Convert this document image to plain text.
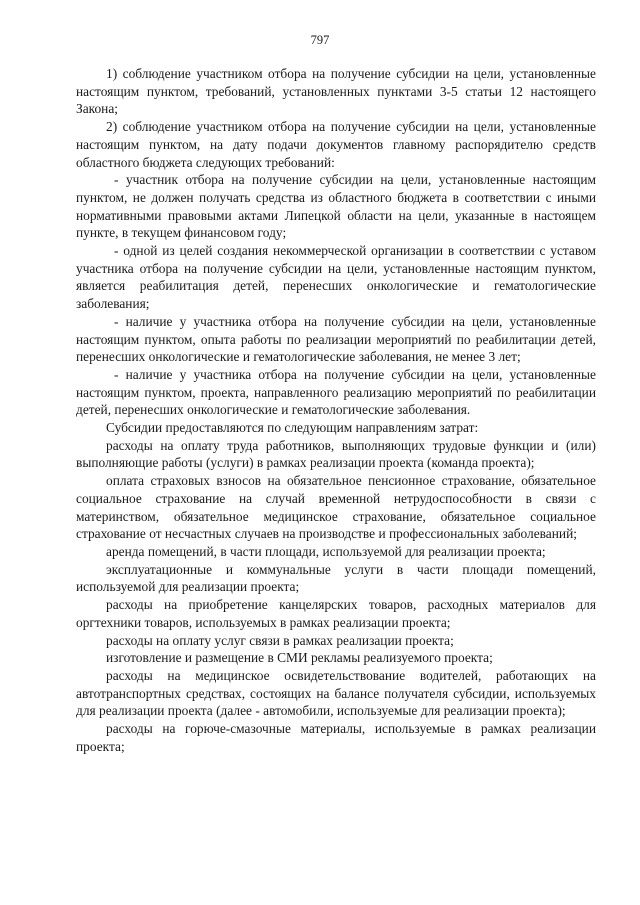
797

1) соблюдение участником отбора на получение субсидии на цели, установленные настоящим пунктом, требований, установленных пунктами 3-5 статьи 12 настоящего Закона;

2) соблюдение участником отбора на получение субсидии на цели, установленные настоящим пунктом, на дату подачи документов главному распорядителю средств областного бюджета следующих требований:

- участник отбора на получение субсидии на цели, установленные настоящим пунктом, не должен получать средства из областного бюджета в соответствии с иными нормативными правовыми актами Липецкой области на цели, указанные в настоящем пункте, в текущем финансовом году;

- одной из целей создания некоммерческой организации в соответствии с уставом участника отбора на получение субсидии на цели, установленные настоящим пунктом, является реабилитация детей, перенесших онкологические и гематологические заболевания;

- наличие у участника отбора на получение субсидии на цели, установленные настоящим пунктом, опыта работы по реализации мероприятий по реабилитации детей, перенесших онкологические и гематологические заболевания, не менее 3 лет;

- наличие у участника отбора на получение субсидии на цели, установленные настоящим пунктом, проекта, направленного реализацию мероприятий по реабилитации детей, перенесших онкологические и гематологические заболевания.

Субсидии предоставляются по следующим направлениям затрат:

расходы на оплату труда работников, выполняющих трудовые функции и (или) выполняющие работы (услуги) в рамках реализации проекта (команда проекта);

оплата страховых взносов на обязательное пенсионное страхование, обязательное социальное страхование на случай временной нетрудоспособности в связи с материнством, обязательное медицинское страхование, обязательное социальное страхование от несчастных случаев на производстве и профессиональных заболеваний;

аренда помещений, в части площади, используемой для реализации проекта;

эксплуатационные и коммунальные услуги в части площади помещений, используемой для реализации проекта;

расходы на приобретение канцелярских товаров, расходных материалов для оргтехники товаров, используемых в рамках реализации проекта;

расходы на оплату услуг связи в рамках реализации проекта;

изготовление и размещение в СМИ рекламы реализуемого проекта;

расходы на медицинское освидетельствование водителей, работающих на автотранспортных средствах, состоящих на балансе получателя субсидии, используемых для реализации проекта (далее - автомобили, используемые для реализации проекта);

расходы на горюче-смазочные материалы, используемые в рамках реализации проекта;
